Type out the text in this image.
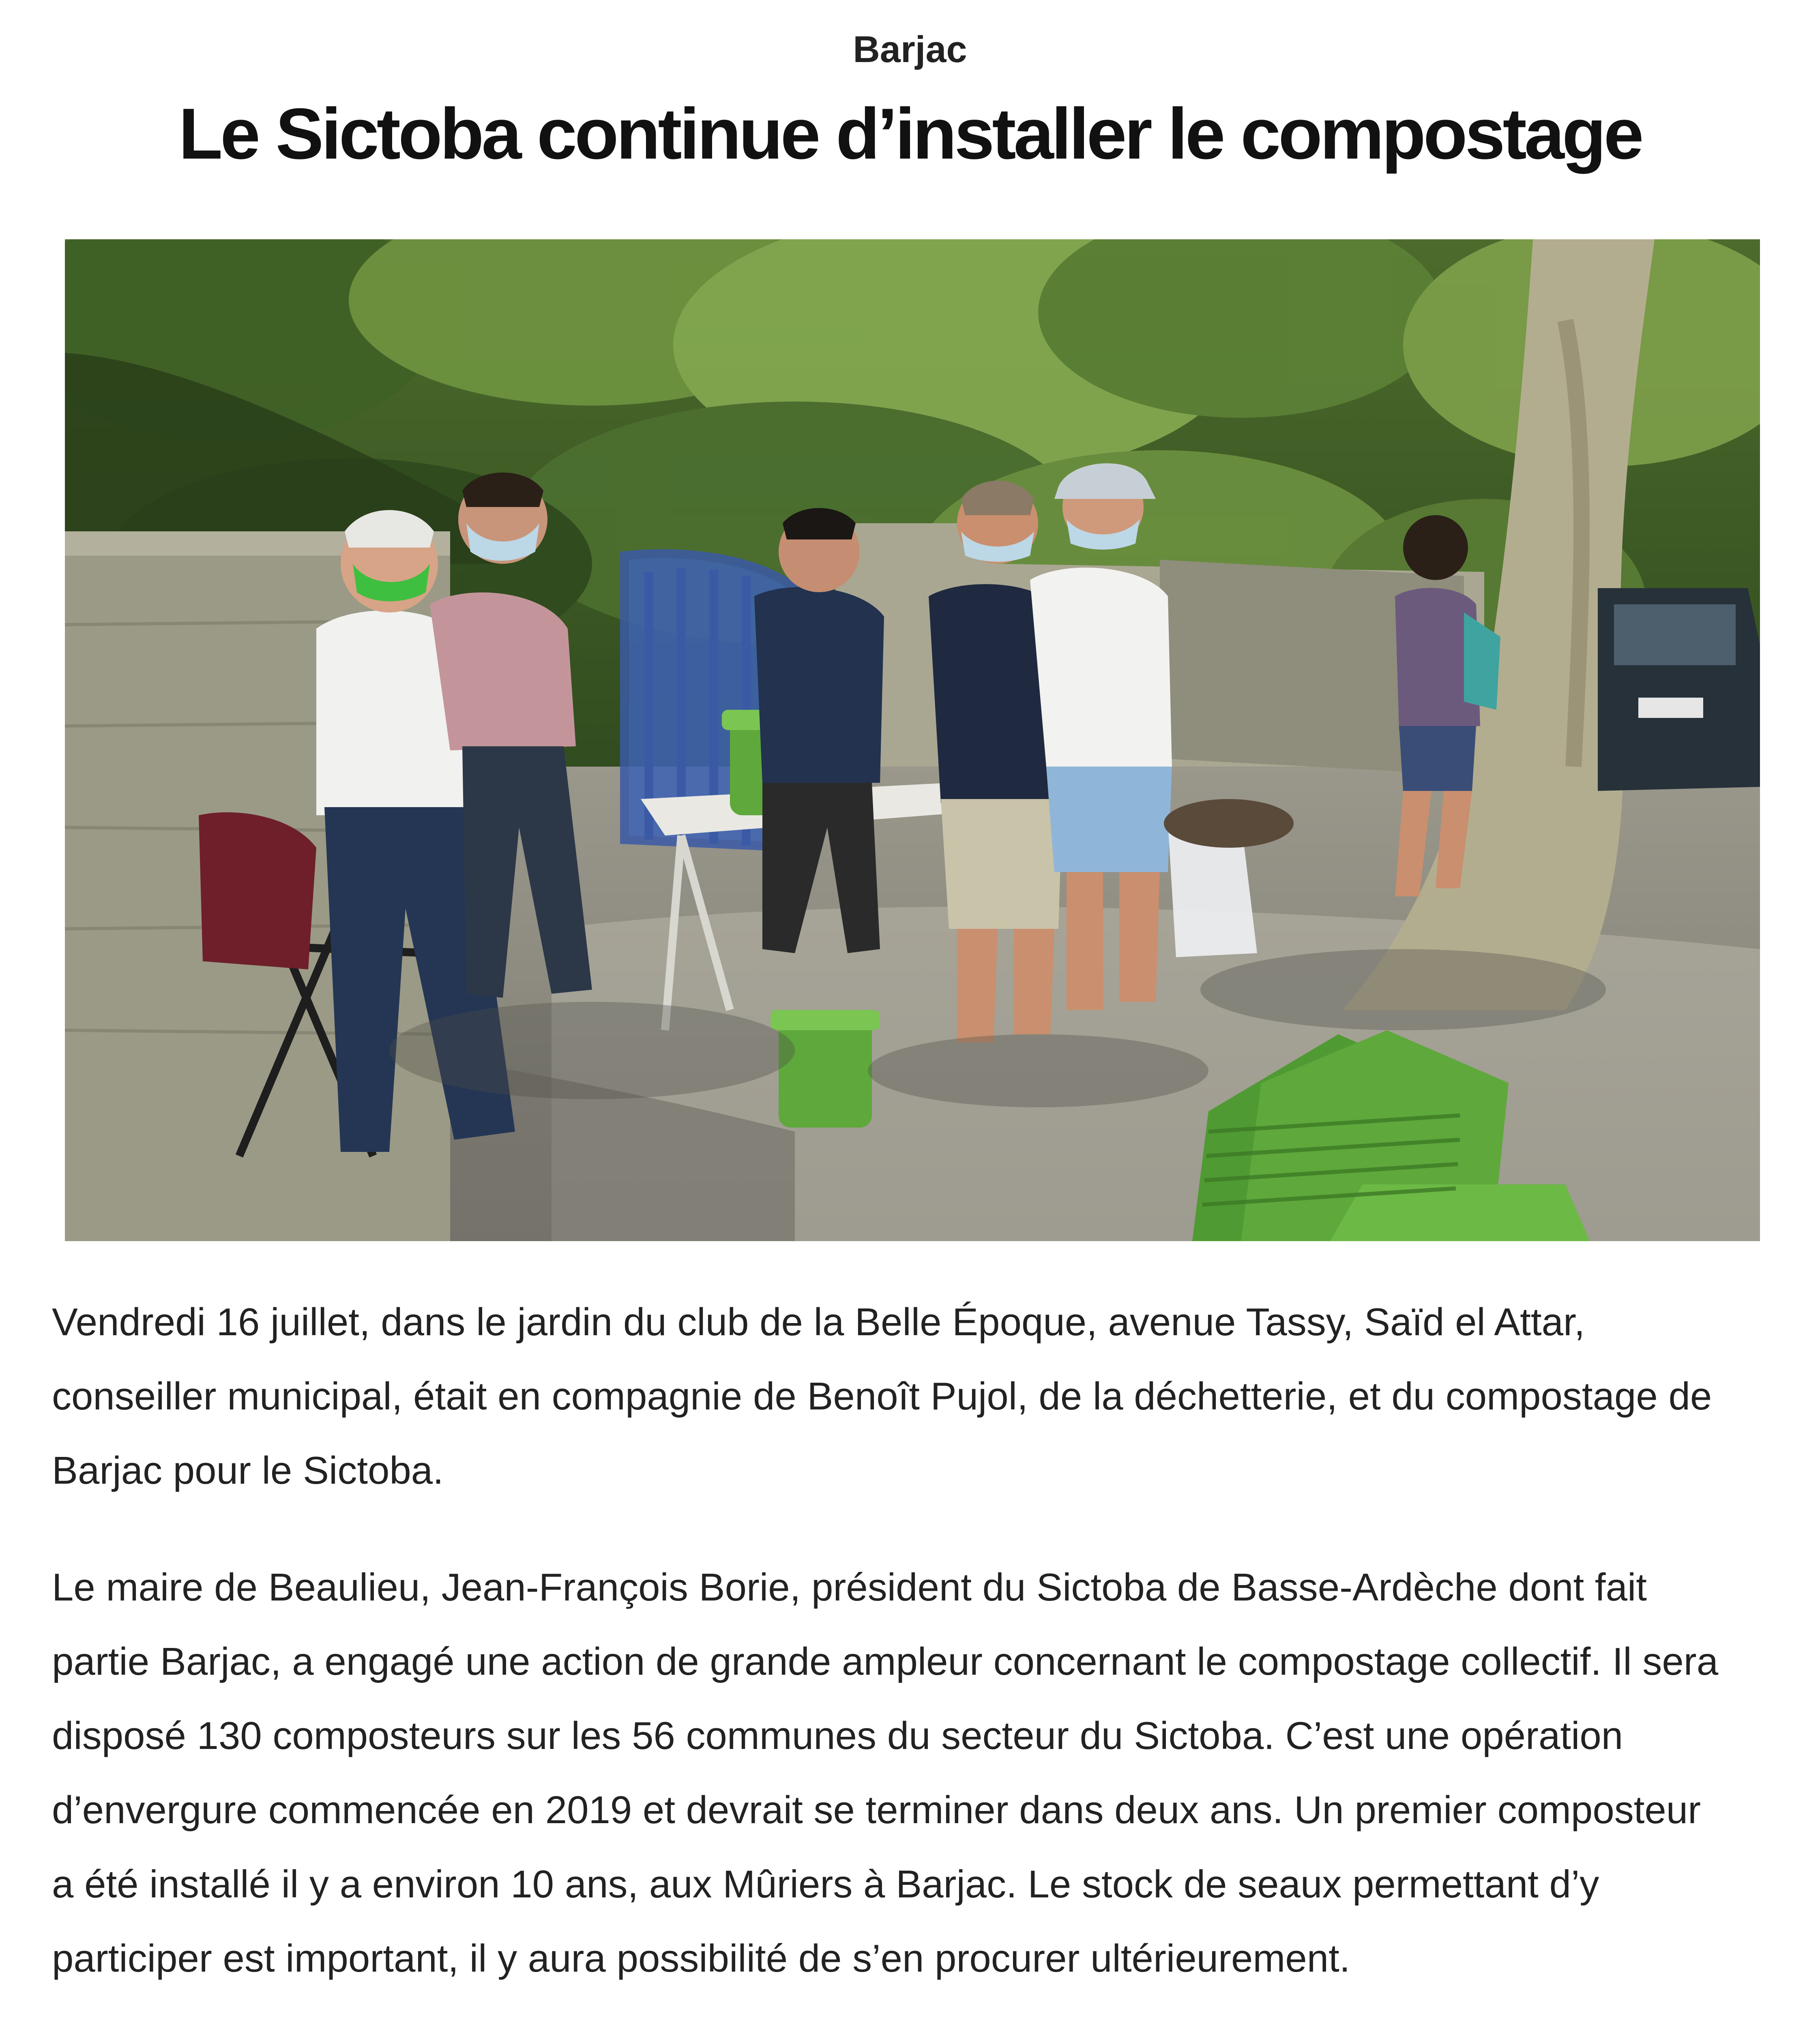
Barjac
Le Sictoba continue d’installer le compostage
Vendredi 16 juillet, dans le jardin du club de la Belle Époque, avenue Tassy, Saïd el Attar,
conseiller municipal, était en compagnie de Benoît Pujol, de la déchetterie, et du compostage de
Barjac pour le Sictoba.
Le maire de Beaulieu, Jean-François Borie, président du Sictoba de Basse-Ardèche dont fait
partie Barjac, a engagé une action de grande ampleur concernant le compostage collectif. Il sera
disposé 130 composteurs sur les 56 communes du secteur du Sictoba. C’est une opération
d’envergure commencée en 2019 et devrait se terminer dans deux ans. Un premier composteur
a été installé il y a environ 10 ans, aux Mûriers à Barjac. Le stock de seaux permettant d’y
participer est important, il y aura possibilité de s’en procurer ultérieurement.
